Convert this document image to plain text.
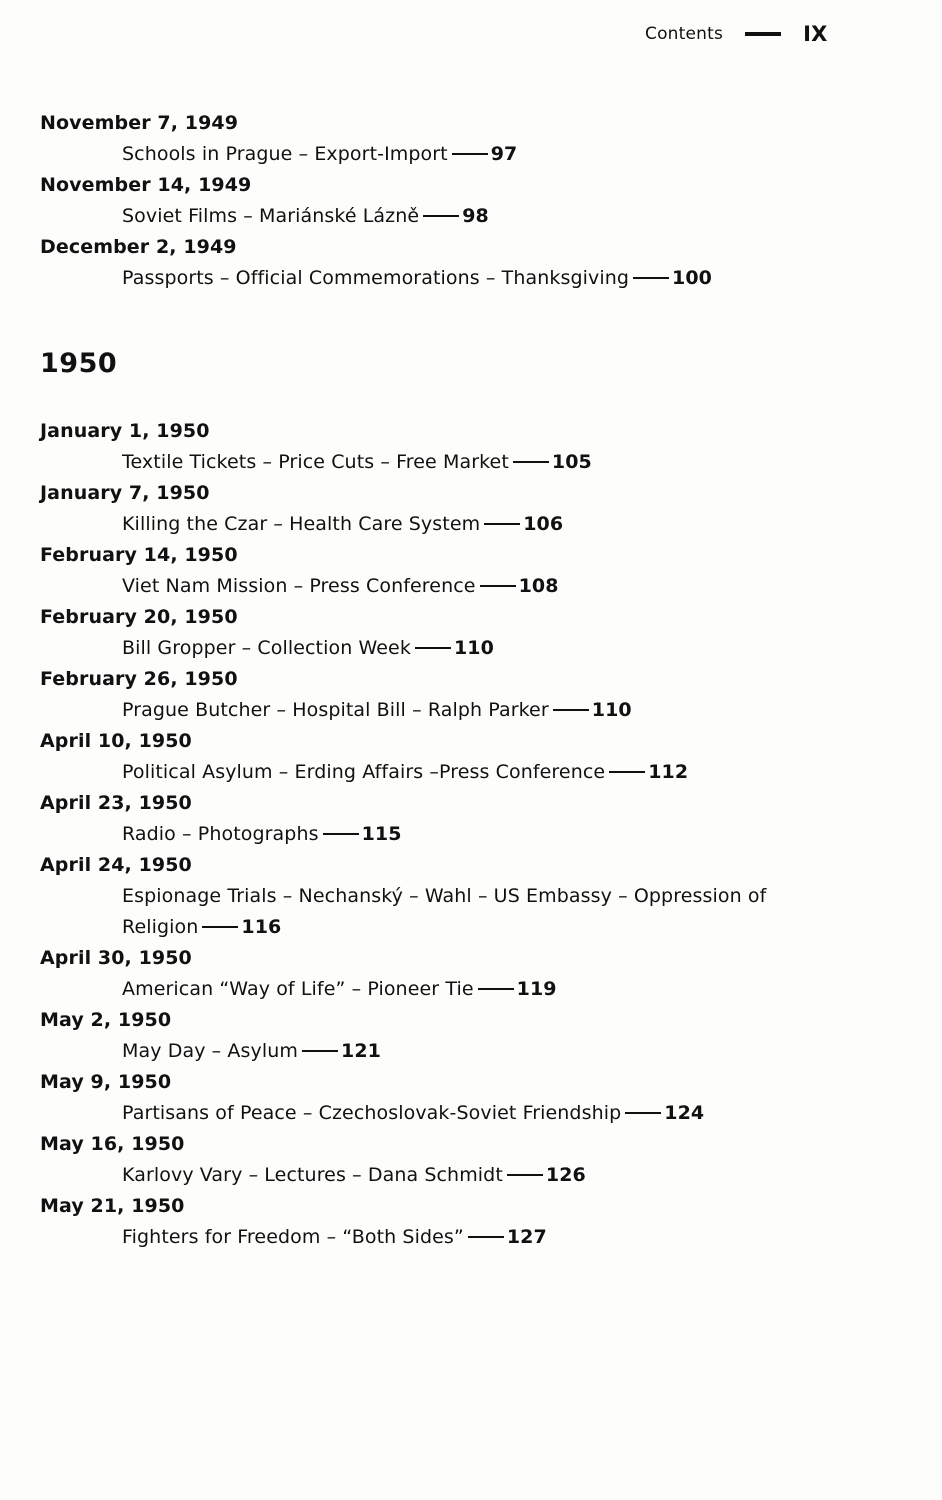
Contents	IX
November 7, 1949
Schools in Prague – Export-Import 97
November 14, 1949
Soviet Films – Mariánské Lázně 98
December 2, 1949
Passports – Official Commemorations – Thanksgiving 100
1950
January 1, 1950
Textile Tickets – Price Cuts – Free Market 105
January 7, 1950
Killing the Czar – Health Care System 106
February 14, 1950
Viet Nam Mission – Press Conference 108
February 20, 1950
Bill Gropper – Collection Week 110
February 26, 1950
Prague Butcher – Hospital Bill – Ralph Parker 110
April 10, 1950
Political Asylum – Erding Affairs –Press Conference 112
April 23, 1950
Radio – Photographs 115
April 24, 1950
Espionage Trials – Nechanský – Wahl – US Embassy – Oppression of Religion 116
April 30, 1950
American “Way of Life” – Pioneer Tie 119
May 2, 1950
May Day – Asylum 121
May 9, 1950
Partisans of Peace – Czechoslovak-Soviet Friendship 124
May 16, 1950
Karlovy Vary – Lectures – Dana Schmidt 126
May 21, 1950
Fighters for Freedom – “Both Sides” 127
